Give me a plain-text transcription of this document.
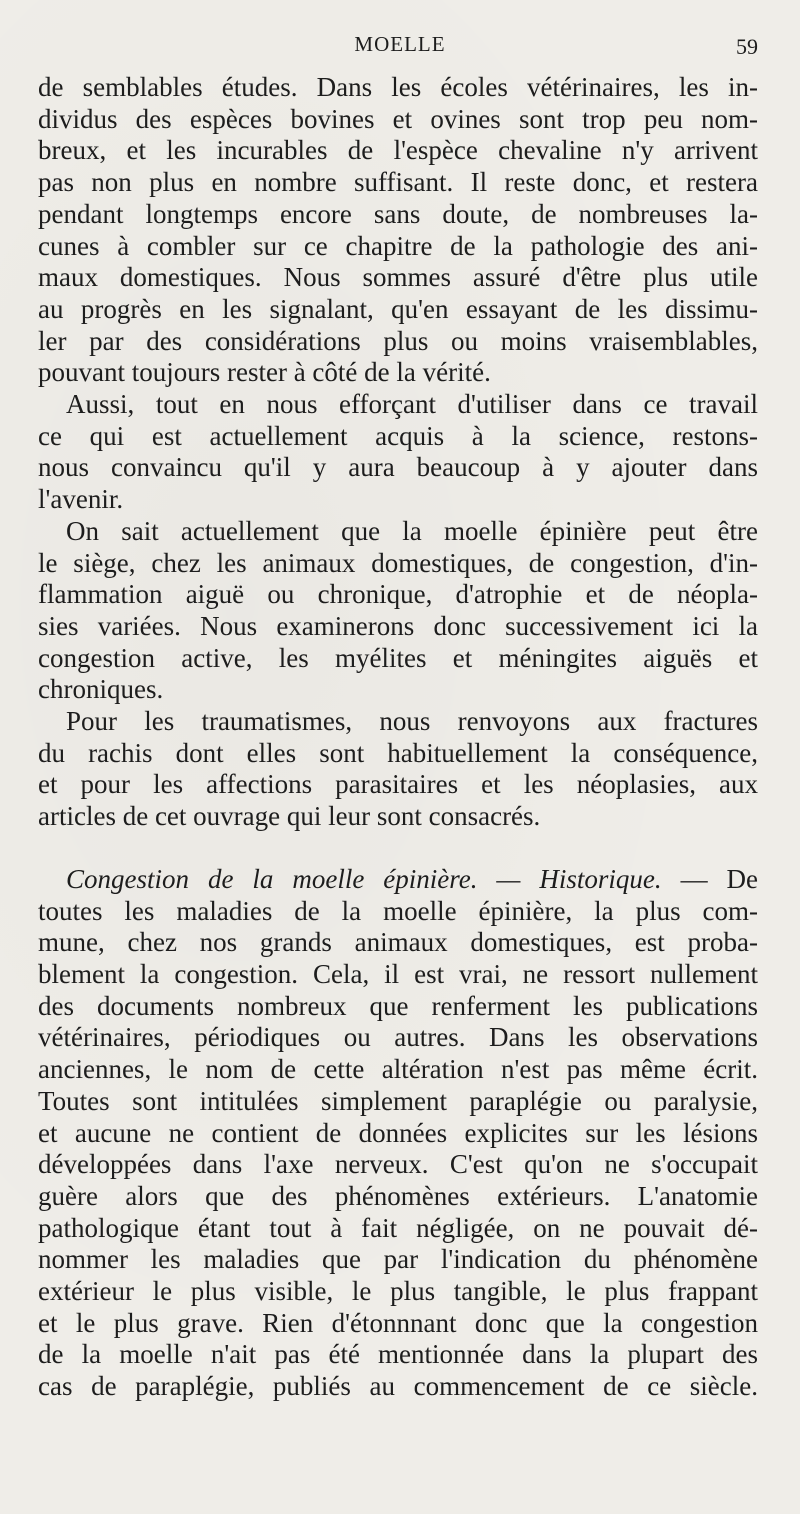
MOELLE	59

de semblables études. Dans les écoles vétérinaires, les in-

dividus des espèces bovines et ovines sont trop peu nom-

breux, et les incurables de l'espèce chevaline n'y arrivent

pas non plus en nombre suffisant. Il reste donc, et restera

pendant longtemps encore sans doute, de nombreuses la-

cunes à combler sur ce chapitre de la pathologie des ani-

maux domestiques. Nous sommes assuré d'être plus utile

au progrès en les signalant, qu'en essayant de les dissimu-

ler par des considérations plus ou moins vraisemblables,

pouvant toujours rester à côté de la vérité.

Aussi, tout en nous efforçant d'utiliser dans ce travail

ce qui est actuellement acquis à la science, restons-

nous convaincu qu'il y aura beaucoup à y ajouter dans

l'avenir.

On sait actuellement que la moelle épinière peut être

le siège, chez les animaux domestiques, de congestion, d'in-

flammation aiguë ou chronique, d'atrophie et de néopla-

sies variées. Nous examinerons donc successivement ici la

congestion active, les myélites et méningites aiguës et

chroniques.

Pour les traumatismes, nous renvoyons aux fractures

du rachis dont elles sont habituellement la conséquence,

et pour les affections parasitaires et les néoplasies, aux

articles de cet ouvrage qui leur sont consacrés.

Congestion de la moelle épinière. — Historique. — De

toutes les maladies de la moelle épinière, la plus com-

mune, chez nos grands animaux domestiques, est proba-

blement la congestion. Cela, il est vrai, ne ressort nullement

des documents nombreux que renferment les publications

vétérinaires, périodiques ou autres. Dans les observations

anciennes, le nom de cette altération n'est pas même écrit.

Toutes sont intitulées simplement paraplégie ou paralysie,

et aucune ne contient de données explicites sur les lésions

développées dans l'axe nerveux. C'est qu'on ne s'occupait

guère alors que des phénomènes extérieurs. L'anatomie

pathologique étant tout à fait négligée, on ne pouvait dé-

nommer les maladies que par l'indication du phénomène

extérieur le plus visible, le plus tangible, le plus frappant

et le plus grave. Rien d'étonnnant donc que la congestion

de la moelle n'ait pas été mentionnée dans la plupart des

cas de paraplégie, publiés au commencement de ce siècle.
